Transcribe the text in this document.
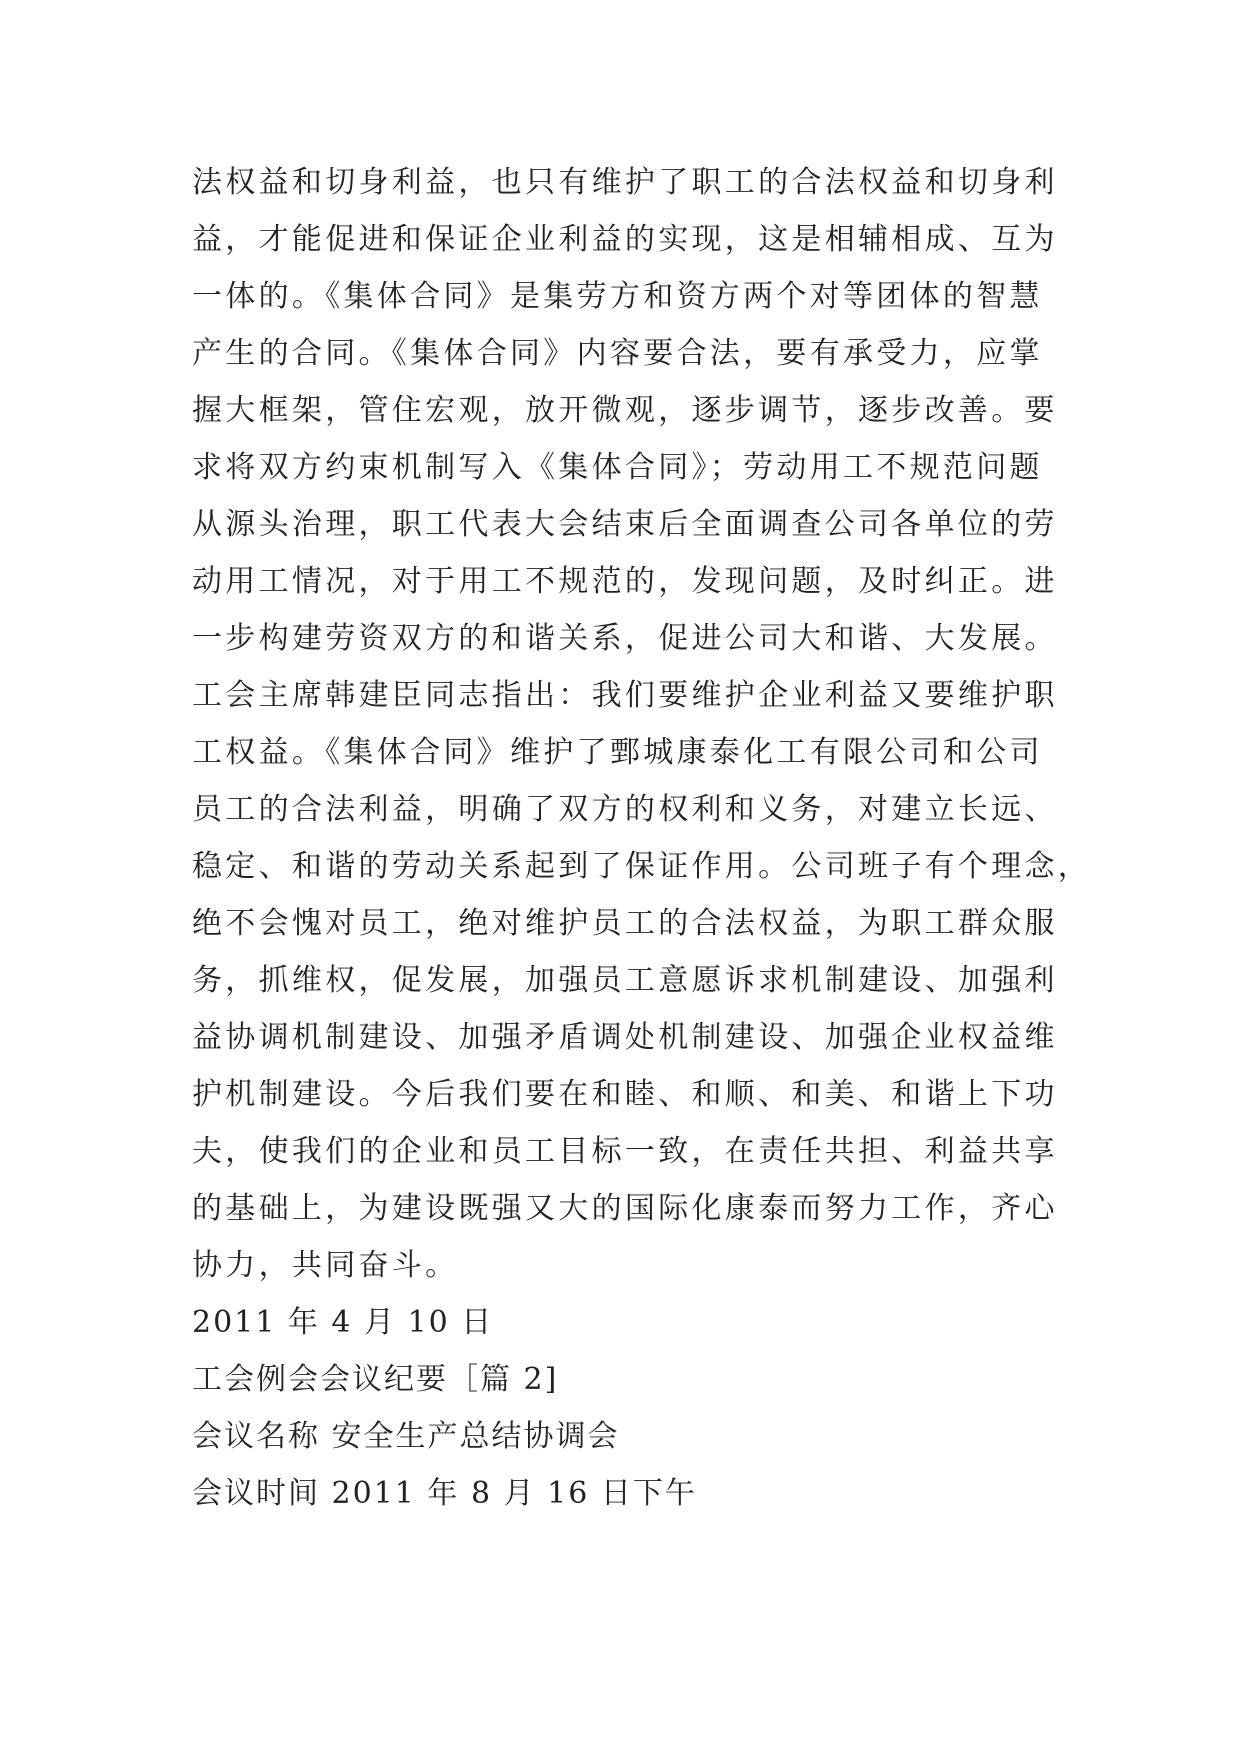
法权益和切身利益，也只有维护了职工的合法权益和切身利
益，才能促进和保证企业利益的实现，这是相辅相成、互为
一体的。《集体合同》是集劳方和资方两个对等团体的智慧
产生的合同。《集体合同》内容要合法，要有承受力，应掌
握大框架，管住宏观，放开微观，逐步调节，逐步改善。要
求将双方约束机制写入《集体合同》；劳动用工不规范问题
从源头治理，职工代表大会结束后全面调查公司各单位的劳
动用工情况，对于用工不规范的，发现问题，及时纠正。进
一步构建劳资双方的和谐关系，促进公司大和谐、大发展。
工会主席韩建臣同志指出：我们要维护企业利益又要维护职
工权益。《集体合同》维护了鄄城康泰化工有限公司和公司
员工的合法利益，明确了双方的权利和义务，对建立长远、
稳定、和谐的劳动关系起到了保证作用。公司班子有个理念，
绝不会愧对员工，绝对维护员工的合法权益，为职工群众服
务，抓维权，促发展，加强员工意愿诉求机制建设、加强利
益协调机制建设、加强矛盾调处机制建设、加强企业权益维
护机制建设。今后我们要在和睦、和顺、和美、和谐上下功
夫，使我们的企业和员工目标一致，在责任共担、利益共享
的基础上，为建设既强又大的国际化康泰而努力工作，齐心
协力，共同奋斗。
2011 年 4 月 10 日
工会例会会议纪要［篇 2]
会议名称 安全生产总结协调会
会议时间 2011 年 8 月 16 日下午
